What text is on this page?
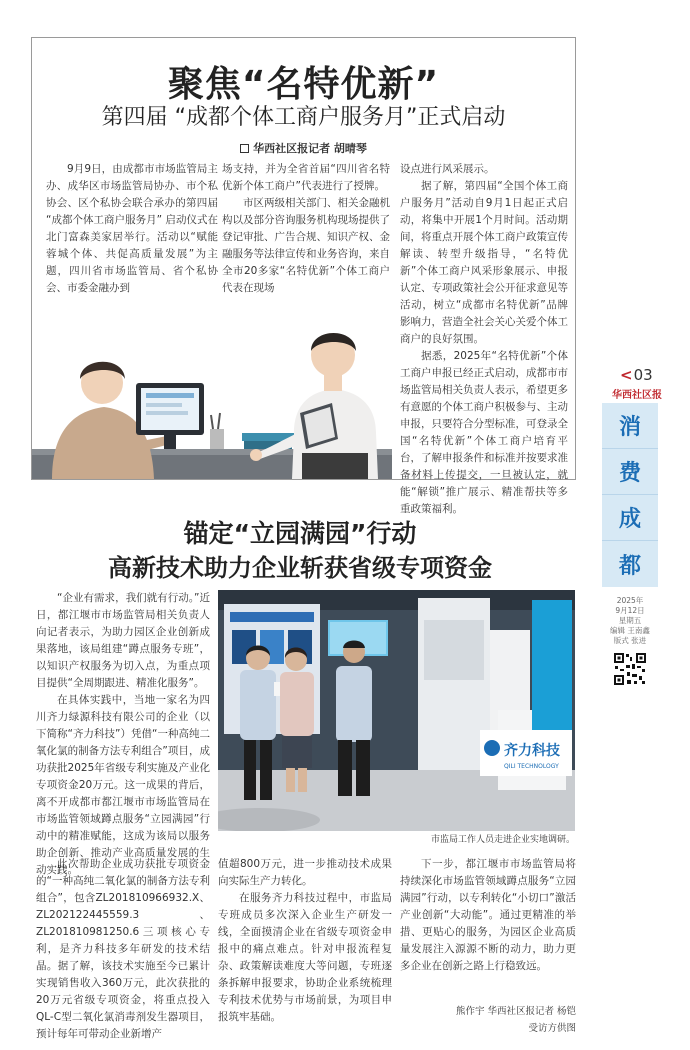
聚焦“名特优新”
第四届 “成都个体工商户服务月”正式启动
华西社区报记者 胡晴琴

9月9日，由成都市市场监管局主办、成华区市场监管局协办、市个私协会、区个私协会联合承办的第四届 “成都个体工商户服务月” 启动仪式在北门富森美家居举行。活动以“赋能蓉城个体、共促高质量发展”为主题，四川省市场监管局、省个私协会、市委金融办到

场支持，并为全省首届“四川省名特优新个体工商户”代表进行了授牌。

市区两级相关部门、相关金融机构以及部分咨询服务机构现场提供了登记审批、广告合规、知识产权、金融服务等法律宣传和业务咨询，来自全市20多家“名特优新”个体工商户代表在现场

设点进行风采展示。

据了解，第四届“全国个体工商户服务月”活动自9月1日起正式启动，将集中开展1个月时间。活动期间，将重点开展个体工商户政策宣传解读、转型升级指导，“名特优新”个体工商户风采形象展示、申报认定、专项政策社会公开征求意见等活动，树立“成都市名特优新”品牌影响力，营造全社会关心关爱个体工商户的良好氛围。

据悉，2025年“名特优新”个体工商户申报已经正式启动，成都市市场监管局相关负责人表示，希望更多有意愿的个体工商户积极参与、主动申报，只要符合分型标准，可登录全国“名特优新”个体工商户培育平台，了解申报条件和标准并按要求准备材料上传提交，一旦被认定，就能“解锁”推广展示、精准帮扶等多重政策福利。

<03
华西社区报
消
费
成
都
2025年
9月12日
星期五
编辑 王南鑫
版式 张进
锚定“立园满园”行动
高新技术助力企业斩获省级专项资金

“企业有需求，我们就有行动。”近日，都江堰市市场监管局相关负责人向记者表示，为助力园区企业创新成果落地，该局组建“蹲点服务专班”，以知识产权服务为切入点，为重点项目提供“全周期跟进、精准化服务”。

在具体实践中，当地一家名为四川齐力绿源科技有限公司的企业（以下简称“齐力科技”）凭借“一种高纯二氧化氯的制备方法专利组合”项目，成功获批2025年省级专利实施及产业化专项资金20万元。这一成果的背后，离不开成都市都江堰市市场监管局在市场监管领域蹲点服务“立园满园”行动中的精准赋能，这成为该局以服务助企创新、推动产业高质量发展的生动实践。

齐力科技
QILI TECHNOLOGY
市监局工作人员走进企业实地调研。

此次帮助企业成功获批专项资金的“一种高纯二氧化氯的制备方法专利组合”，包含ZL201810966932.X、ZL202122445559.3、ZL201810981250.6三项核心专利，是齐力科技多年研发的技术结晶。据了解，该技术实施至今已累计实现销售收入360万元，此次获批的20万元省级专项资金，将重点投入QL-C型二氧化氯消毒剂发生器项目，预计每年可带动企业新增产

值超800万元，进一步推动技术成果向实际生产力转化。

在服务齐力科技过程中，市监局专班成员多次深入企业生产研发一线，全面摸清企业在省级专项资金申报中的痛点难点。针对申报流程复杂、政策解读难度大等问题，专班逐条拆解申报要求，协助企业系统梳理专利技术优势与市场前景，为项目申报筑牢基础。

下一步，都江堰市市场监管局将持续深化市场监管领域蹲点服务“立园满园”行动，以专利转化“小切口”激活产业创新“大动能”。通过更精准的举措、更贴心的服务，为园区企业高质量发展注入源源不断的动力，助力更多企业在创新之路上行稳致远。

熊作宇 华西社区报记者 杨铠
受访方供图
